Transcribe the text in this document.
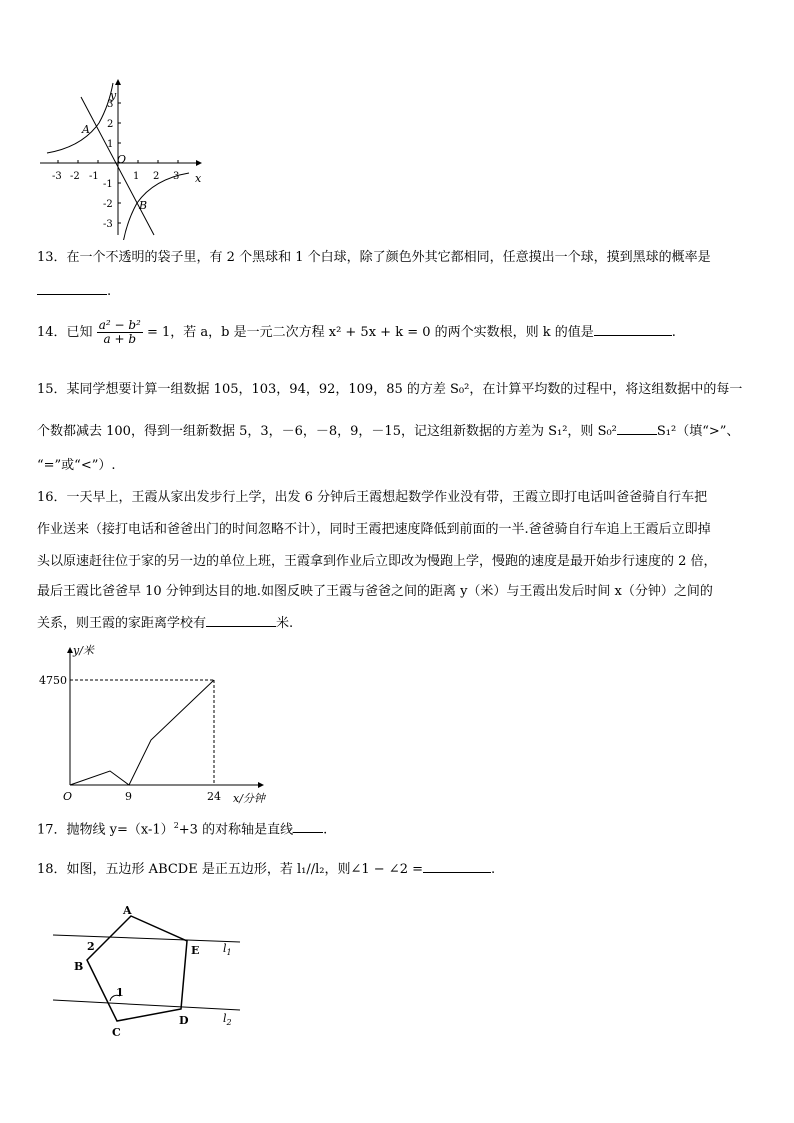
y
x
O
A
B
-3 -2 -1	1 2 3
3
2
1
-1
-2
-3
13．在一个不透明的袋子里，有 2 个黑球和 1 个白球，除了颜色外其它都相同，任意摸出一个球，摸到黑球的概率是
.
14．已知 $\frac{\text{a² − b²}}{a + b} = 1$，若 a，b 是一元二次方程 x² + 5x + k = 0 的两个实数根，则 k 的值是	.
15．某同学想要计算一组数据 105，103，94，92，109，85 的方差 S₀²，在计算平均数的过程中，将这组数据中的每一
个数都减去 100，得到一组新数据 5，3，－6，－8，9，－15，记这组新数据的方差为 S₁²，则 S₀²	S₁²（填“>”、
“=”或“<”）.
16．一天早上，王霞从家出发步行上学，出发 6 分钟后王霞想起数学作业没有带，王霞立即打电话叫爸爸骑自行车把
作业送来（接打电话和爸爸出门的时间忽略不计），同时王霞把速度降低到前面的一半.爸爸骑自行车追上王霞后立即掉
头以原速赶往位于家的另一边的单位上班，王霞拿到作业后立即改为慢跑上学，慢跑的速度是最开始步行速度的 2 倍，
最后王霞比爸爸早 10 分钟到达目的地.如图反映了王霞与爸爸之间的距离 y（米）与王霞出发后时间 x（分钟）之间的
关系，则王霞的家距离学校有	米.
y/米
x/分钟
4750
O	9	24
17．抛物线 $y=(x-1)^2+3$ 的对称轴是直线 .
18．如图，五边形 ABCDE 是正五边形，若 l₁//l₂，则∠1 − ∠2 =	.
A
B
C
D
E
1
2	$l_1$
$l_2$
